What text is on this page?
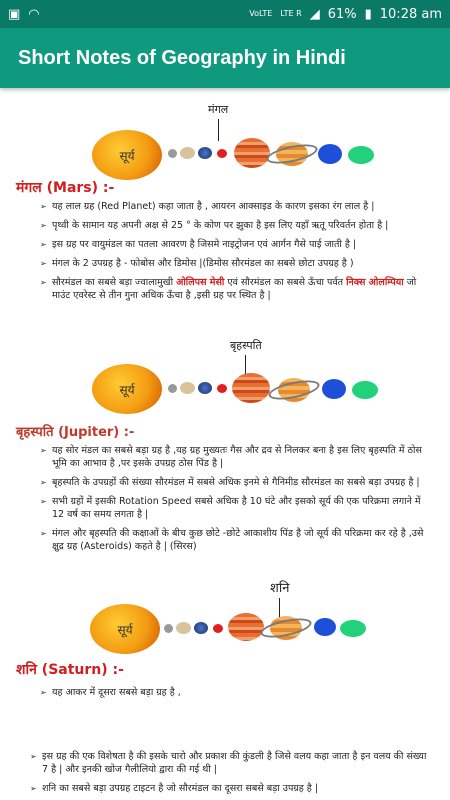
▣ ◠	VoLTE LTE R ◢ 61% ▮ 10:28 am
Short Notes of Geography in Hindi
मंगल
सूर्य
मंगल (Mars) :-
➢ यह लाल ग्रह (Red Planet) कहा जाता है , आयरन आक्साइड के कारण इसका रंग लाल है |
➢ पृथ्वी के सामान यह अपनी अक्ष से 25 ° के कोण पर झुका है इस लिए यहाँ ऋतू परिवर्तन होता है |
➢ इस ग्रह पर वायुमंडल का पतला आवरण है जिसमे नाइट्रोजन एवं आर्गन गैसे पाई जाती है |
➢ मंगल के 2 उपग्रह है - फोबोस और डिमोस |(डिमोस सौरमंडल का सबसे छोटा उपग्रह है )
➢ सौरमंडल का सबसे बड़ा ज्वालामुखी ओलिपस मेसी एवं सौरमंडल का सबसे ऊँचा पर्वत निक्स ओलम्पिया जो माउंट एवरेस्ट से तीन गुना अधिक ऊँचा है ,इसी ग्रह पर स्थित है |
बृहस्पति
सूर्य
बृहस्पति (Jupiter) :-
➢ यह सोर मंडल का सबसे बड़ा ग्रह है ,यह ग्रह मुख्यतः गैस और द्रव से निलकर बना है इस लिए बृहस्पति में ठोस भूमि का आभाव है ,पर इसके उपग्रह ठोस पिंड है |
➢ बृहस्पति के उपग्रहों की संख्या सौरमंडल में सबसे अधिक इनमे से गैनिमीड सौरमंडल का सबसे बड़ा उपग्रह है |
➢ सभी ग्रहों में इसकी Rotation Speed सबसे अधिक है 10 घंटे और इसको सूर्य की एक परिक्रमा लगाने में 12 वर्ष का समय लगता है |
➢ मंगल और बृहस्पति की कक्षाओं के बीच कुछ छोटे -छोटे आकाशीय पिंड है जो सूर्य की परिक्रमा कर रहे है ,उसे क्षुद्र ग्रह (Asteroids) कहते है | (सिरस)
शनि
सूर्य
शनि (Saturn) :-
➢ यह आकर में दूसरा सबसे बड़ा ग्रह है ,
➢ इस ग्रह की एक विशेषता है की इसके चारो और प्रकाश की कुंडली है जिसे वलय कहा जाता है इन वलय की संख्या 7 है | और इनकी खोज गैलीलियो द्वारा की गई थी |
➢ शनि का सबसे बड़ा उपग्रह टाइटन है जो सौरमंडल का दूसरा सबसे बड़ा उपग्रह है |
